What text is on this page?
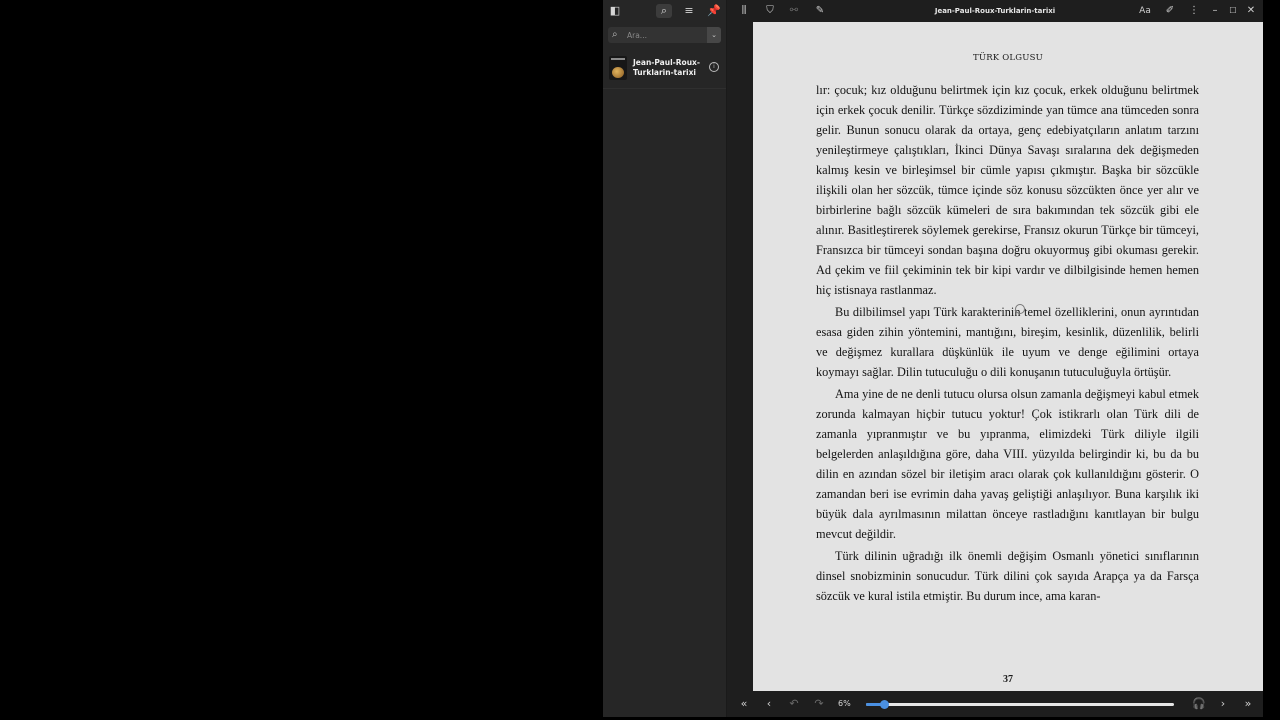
◧	⌕	≡	📌
⌕
Ara...	⌄
Jean-Paul-Roux-Turklarin-tarixi
i
⫼	⛉	⚯ ✎	Jean-Paul-Roux-Turklarin-tarixi	Aa ✐ ⋮	–	☐ ✕
TÜRK OLGUSU

lır: çocuk; kız olduğunu belirtmek için kız çocuk, erkek olduğunu belirtmek için erkek çocuk denilir. Türkçe sözdiziminde yan tümce ana tümceden sonra gelir. Bunun sonucu olarak da ortaya, genç edebiyatçıların anlatım tarzını yenileştirmeye çalıştıkları, İkinci Dünya Savaşı sıralarına dek değişmeden kalmış kesin ve birleşimsel bir cümle yapısı çıkmıştır. Başka bir sözcükle ilişkili olan her sözcük, tümce içinde söz konusu sözcükten önce yer alır ve birbirlerine bağlı sözcük kümeleri de sıra bakımından tek sözcük gibi ele alınır. Basitleştirerek söylemek gerekirse, Fransız okurun Türkçe bir tümceyi, Fransızca bir tümceyi sondan başına doğru okuyormuş gibi okuması gerekir. Ad çekim ve fiil çekiminin tek bir kipi vardır ve dilbilgisinde hemen hemen hiç istisnaya rastlanmaz.

Bu dilbilimsel yapı Türk karakterinin temel özelliklerini, onun ayrıntıdan esasa giden zihin yöntemini, mantığını, bireşim, kesinlik, düzenlilik, belirli ve değişmez kurallara düşkünlük ile uyum ve denge eğilimini ortaya koymayı sağlar. Dilin tutuculuğu o dili konuşanın tutuculuğuyla örtüşür.

Ama yine de ne denli tutucu olursa olsun zamanla değişmeyi kabul etmek zorunda kalmayan hiçbir tutucu yoktur! Çok istikrarlı olan Türk dili de zamanla yıpranmıştır ve bu yıpranma, elimizdeki Türk diliyle ilgili belgelerden anlaşıldığına göre, daha VIII. yüzyılda belirgindir ki, bu da bu dilin en azından sözel bir iletişim aracı olarak çok kullanıldığını gösterir. O zamandan beri ise evrimin daha yavaş geliştiği anlaşılıyor. Buna karşılık iki büyük dala ayrılmasının milattan önceye rastladığını kanıtlayan bir bulgu mevcut değildir.

Türk dilinin uğradığı ilk önemli değişim Osmanlı yönetici sınıflarının dinsel snobizminin sonucudur. Türk dilini çok sayıda Arapça ya da Farsça sözcük ve kural istila etmiştir. Bu durum ince, ama karan-

37
«	‹	↶ ↷ 6%	🎧	›	»
